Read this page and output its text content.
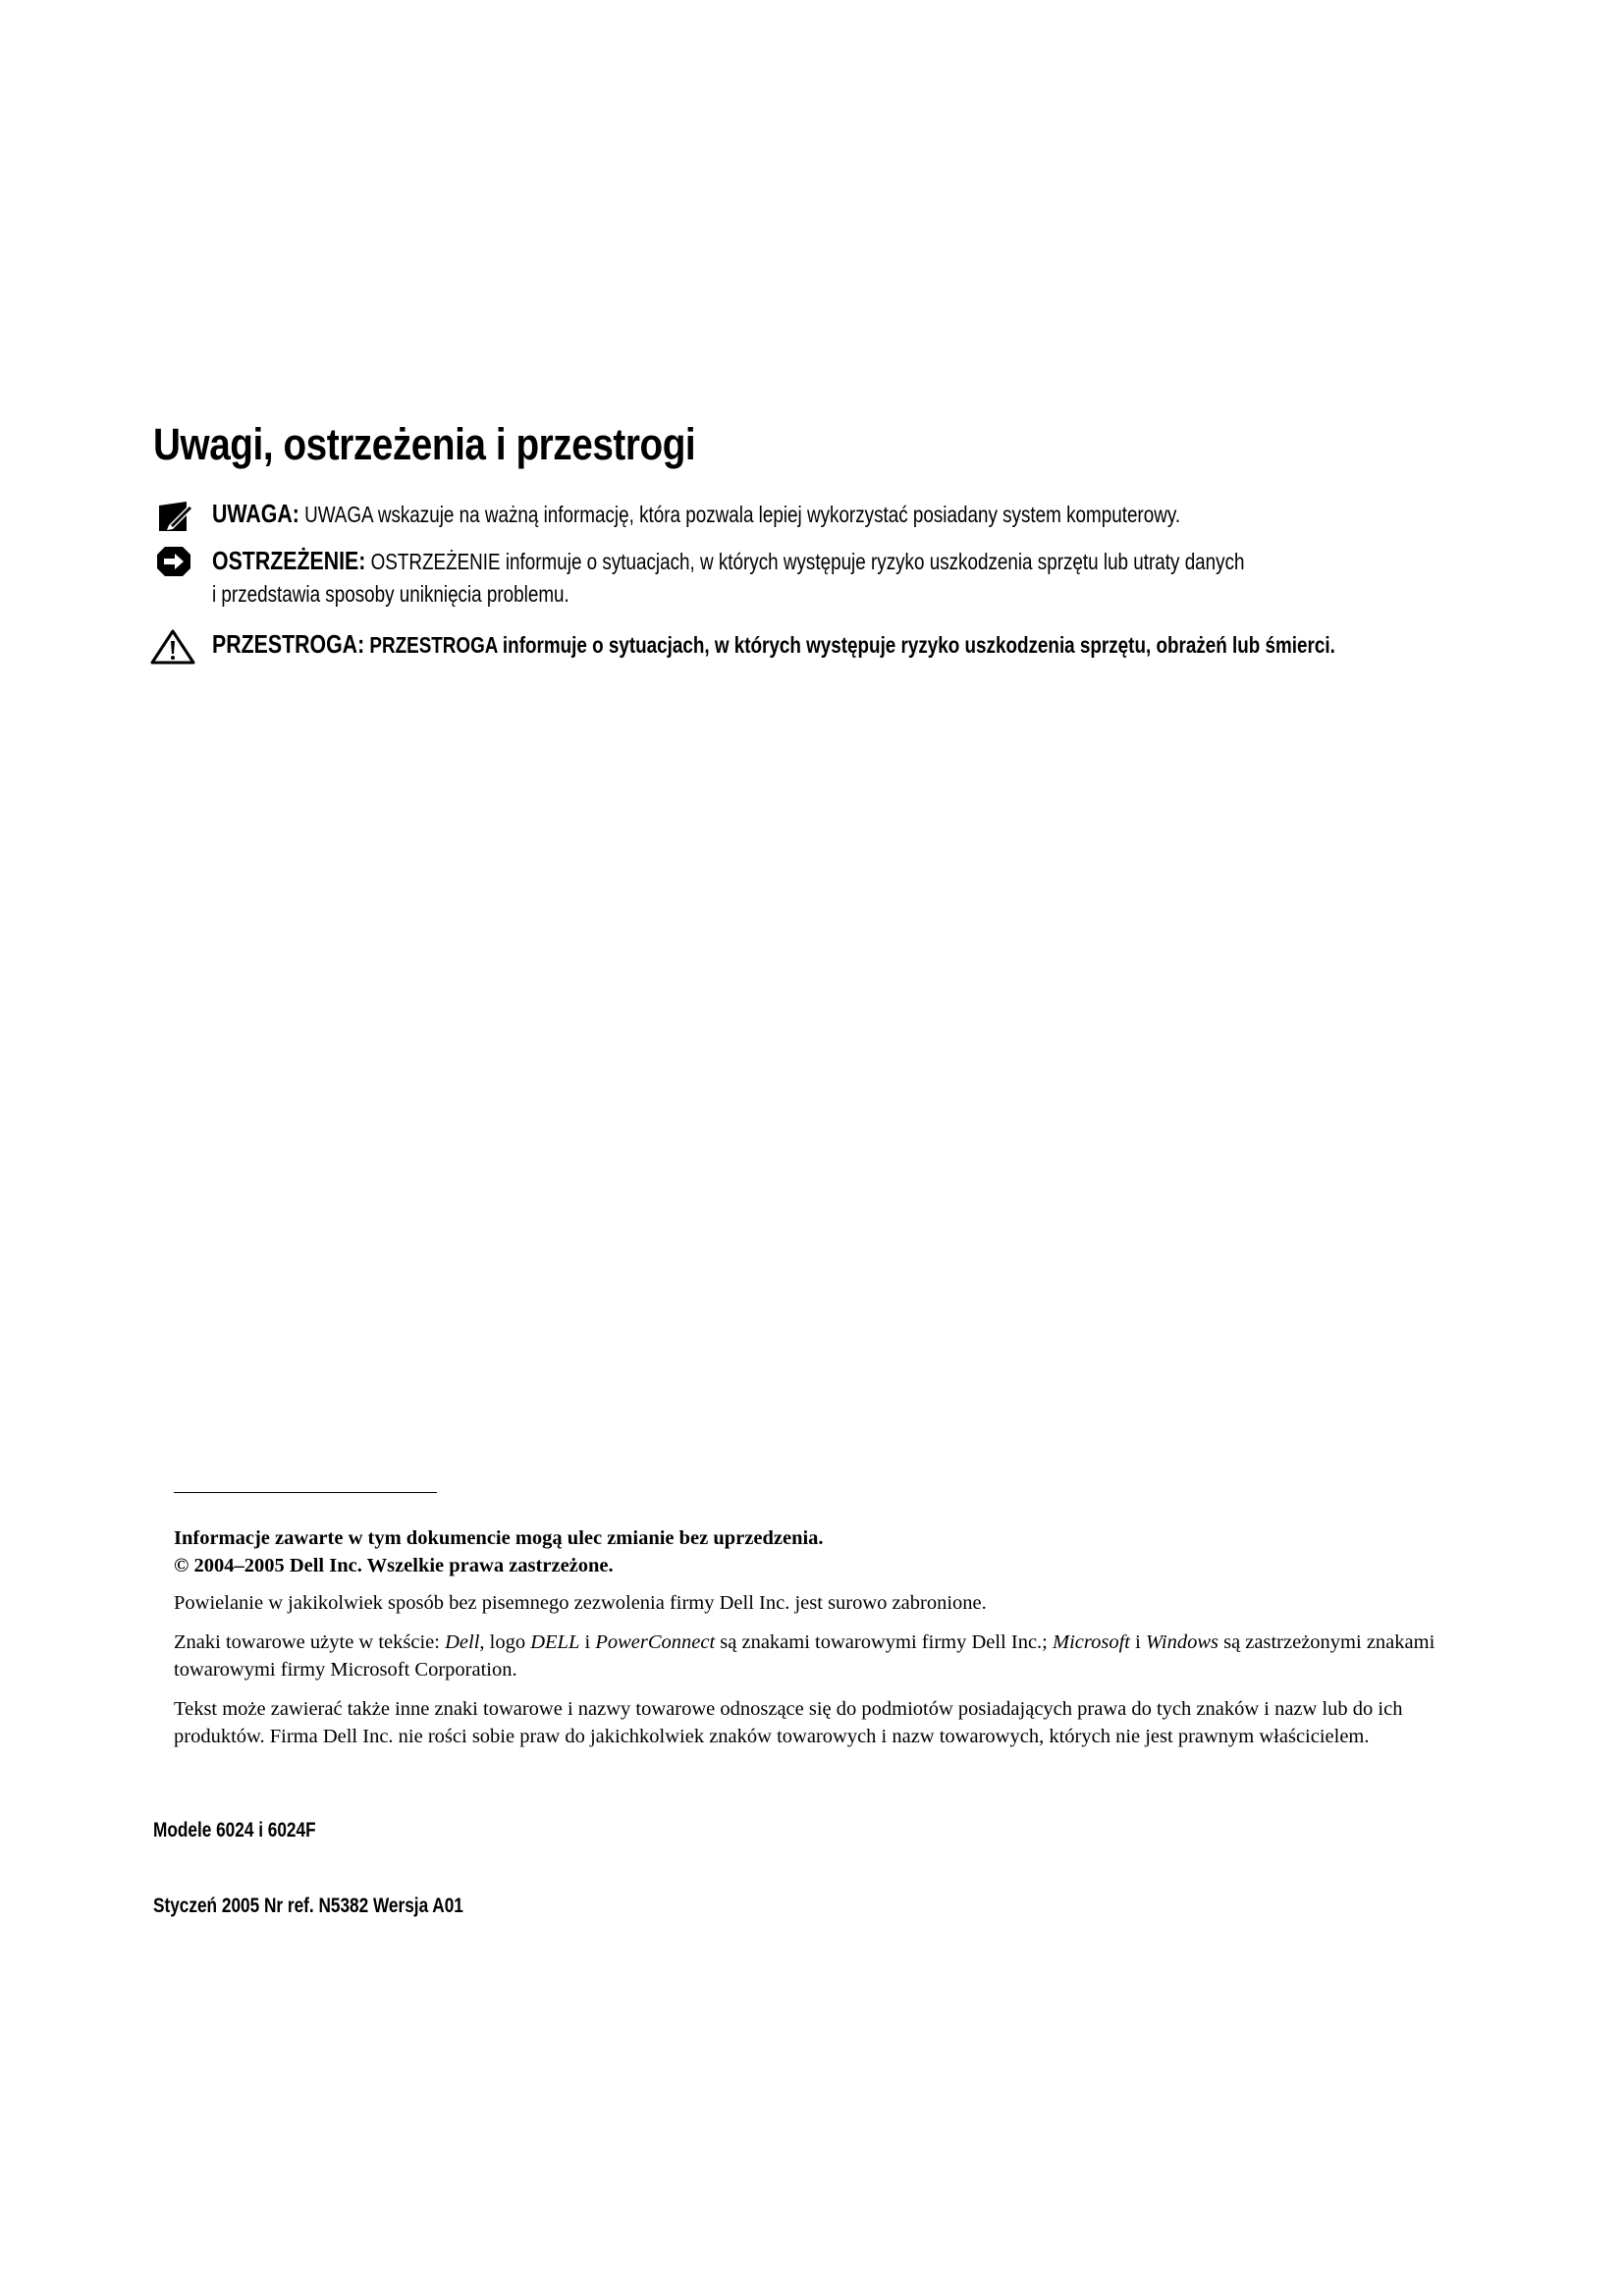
Uwagi, ostrzeżenia i przestrogi
UWAGA: UWAGA wskazuje na ważną informację, która pozwala lepiej wykorzystać posiadany system komputerowy.
OSTRZEŻENIE: OSTRZEŻENIE informuje o sytuacjach, w których występuje ryzyko uszkodzenia sprzętu lub utraty danych
i przedstawia sposoby uniknięcia problemu.
PRZESTROGA: PRZESTROGA informuje o sytuacjach, w których występuje ryzyko uszkodzenia sprzętu, obrażeń lub śmierci.

Informacje zawarte w tym dokumencie mogą ulec zmianie bez uprzedzenia.
© 2004–2005 Dell Inc. Wszelkie prawa zastrzeżone.

Powielanie w jakikolwiek sposób bez pisemnego zezwolenia firmy Dell Inc. jest surowo zabronione.

Znaki towarowe użyte w tekście: Dell, logo DELL i PowerConnect są znakami towarowymi firmy Dell Inc.; Microsoft i Windows są zastrzeżonymi znakami towarowymi firmy Microsoft Corporation.

Tekst może zawierać także inne znaki towarowe i nazwy towarowe odnoszące się do podmiotów posiadających prawa do tych znaków i nazw lub do ich produktów. Firma Dell Inc. nie rości sobie praw do jakichkolwiek znaków towarowych i nazw towarowych, których nie jest prawnym właścicielem.

Modele 6024 i 6024F

Styczeń 2005 Nr ref. N5382 Wersja A01
